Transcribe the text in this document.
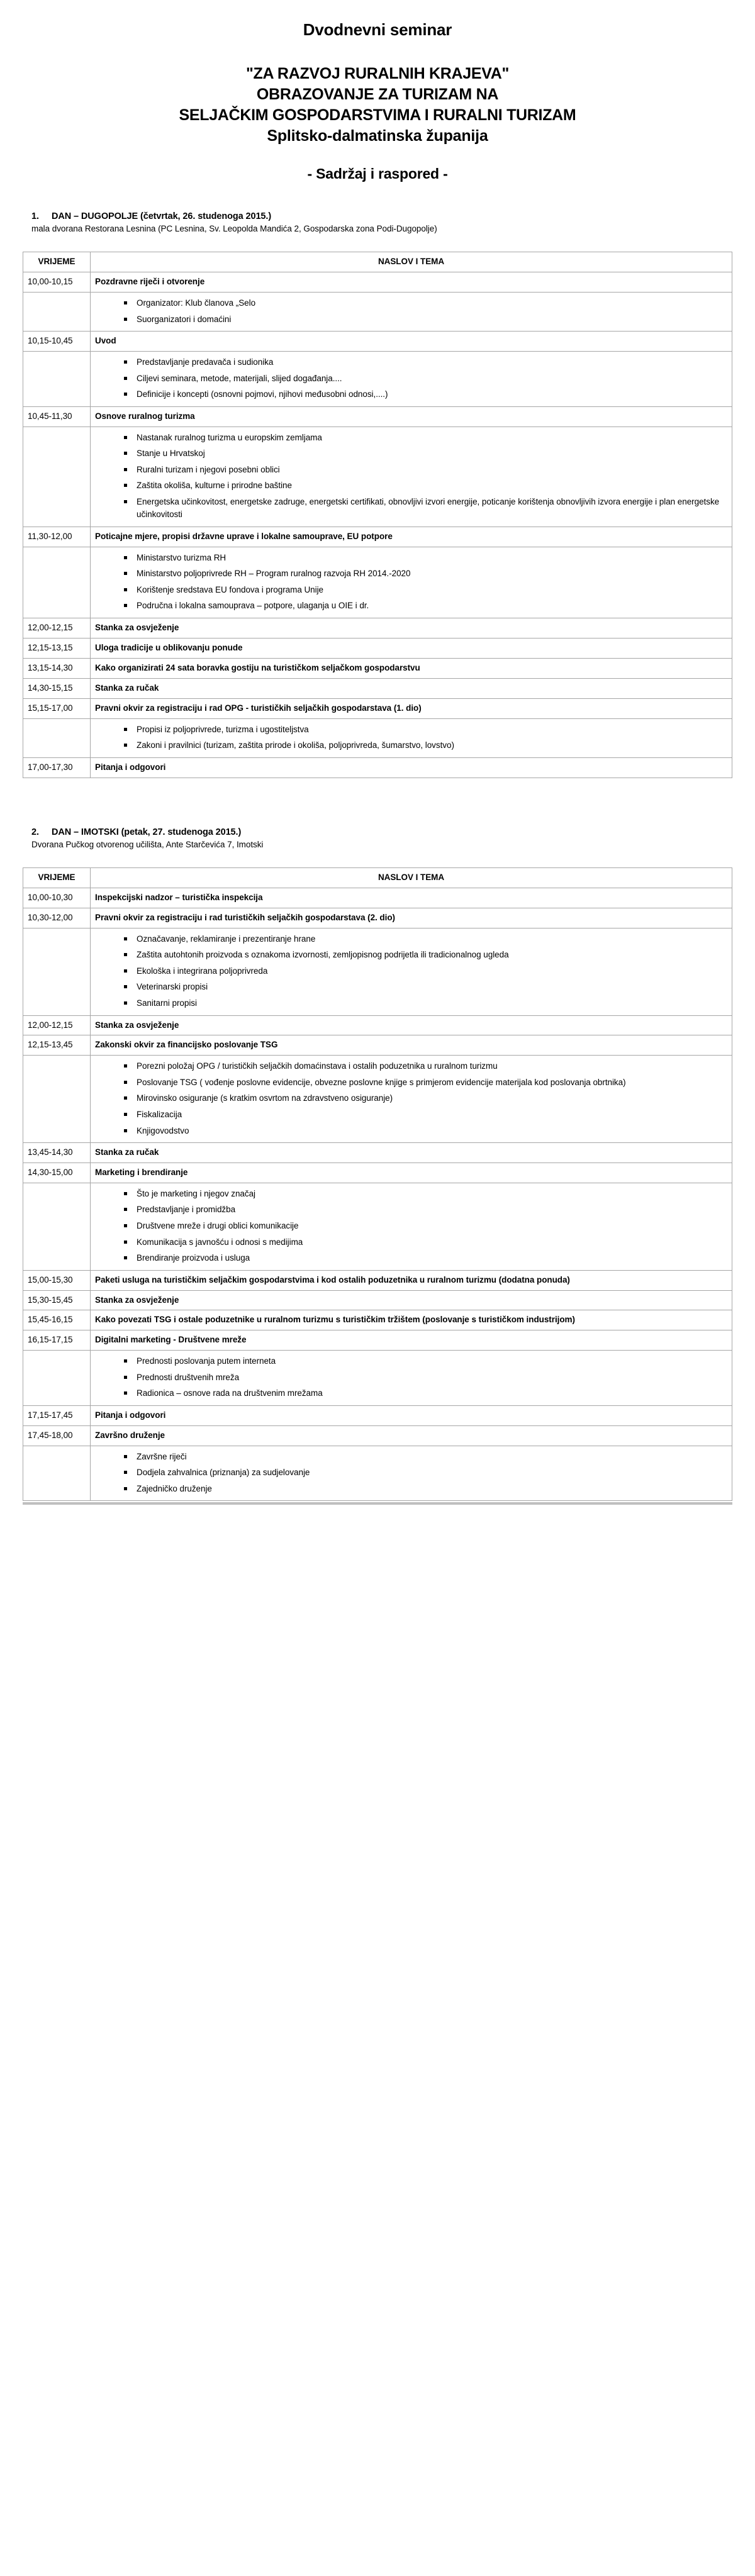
Dvodnevni seminar
"ZA RAZVOJ RURALNIH KRAJEVA"
OBRAZOVANJE ZA TURIZAM NA
SELJAČKIM GOSPODARSTVIMA I RURALNI TURIZAM
Splitsko-dalmatinska županija
- Sadržaj i raspored -
1.	DAN – DUGOPOLJE (četvrtak, 26. studenoga 2015.)
mala dvorana Restorana Lesnina (PC Lesnina, Sv. Leopolda Mandića 2, Gospodarska zona Podi-Dugopolje)
VRIJEME	NASLOV I TEMA
10,00-10,15	Pozdravne riječi i otvorenje

Organizator: Klub članova „Selo
Suorganizatori i domaćini

10,15-10,45	Uvod

Predstavljanje predavača i sudionika
Ciljevi seminara, metode, materijali, slijed događanja....
Definicije i koncepti (osnovni pojmovi, njihovi međusobni odnosi,....)

10,45-11,30	Osnove ruralnog turizma

Nastanak ruralnog turizma u europskim zemljama
Stanje u Hrvatskoj
Ruralni turizam i njegovi posebni oblici
Zaštita okoliša, kulturne i prirodne baštine
Energetska učinkovitost, energetske zadruge, energetski certifikati, obnovljivi izvori energije, poticanje korištenja obnovljivih izvora energije i plan energetske učinkovitosti

11,30-12,00	Poticajne mjere, propisi državne uprave i lokalne samouprave, EU potpore

Ministarstvo turizma RH
Ministarstvo poljoprivrede RH – Program ruralnog razvoja RH 2014.-2020
Korištenje sredstava EU fondova i programa Unije
Područna i lokalna samouprava – potpore, ulaganja u OIE i dr.

12,00-12,15	Stanka za osvježenje
12,15-13,15	Uloga tradicije u oblikovanju ponude
13,15-14,30	Kako organizirati 24 sata boravka gostiju na turističkom seljačkom gospodarstvu
14,30-15,15	Stanka za ručak
15,15-17,00	Pravni okvir za registraciju i rad OPG - turističkih seljačkih gospodarstava (1. dio)

Propisi iz poljoprivrede, turizma i ugostiteljstva
Zakoni i pravilnici (turizam, zaštita prirode i okoliša, poljoprivreda, šumarstvo, lovstvo)

17,00-17,30	Pitanja i odgovori
2.	DAN – IMOTSKI (petak, 27. studenoga 2015.)
Dvorana Pučkog otvorenog učilišta, Ante Starčevića 7, Imotski
VRIJEME	NASLOV I TEMA
10,00-10,30	Inspekcijski nadzor – turistička inspekcija
10,30-12,00	Pravni okvir za registraciju i rad turističkih seljačkih gospodarstava (2. dio)

Označavanje, reklamiranje i prezentiranje hrane
Zaštita autohtonih proizvoda s oznakoma izvornosti, zemljopisnog podrijetla ili tradicionalnog ugleda
Ekološka i integrirana poljoprivreda
Veterinarski propisi
Sanitarni propisi

12,00-12,15	Stanka za osvježenje
12,15-13,45	Zakonski okvir za financijsko poslovanje TSG

Porezni položaj OPG / turističkih seljačkih domaćinstava i ostalih poduzetnika u ruralnom turizmu
Poslovanje TSG ( vođenje poslovne evidencije, obvezne poslovne knjige s primjerom evidencije materijala kod poslovanja obrtnika)
Mirovinsko osiguranje (s kratkim osvrtom na zdravstveno osiguranje)
Fiskalizacija
Knjigovodstvo

13,45-14,30	Stanka za ručak
14,30-15,00	Marketing i brendiranje

Što je marketing i njegov značaj
Predstavljanje i promidžba
Društvene mreže i drugi oblici komunikacije
Komunikacija s javnošću i odnosi s medijima
Brendiranje proizvoda i usluga

15,00-15,30	Paketi usluga na turističkim seljačkim gospodarstvima i kod ostalih poduzetnika u ruralnom turizmu (dodatna ponuda)
15,30-15,45	Stanka za osvježenje
15,45-16,15	Kako povezati TSG i ostale poduzetnike u ruralnom turizmu s turističkim tržištem (poslovanje s turističkom industrijom)
16,15-17,15	Digitalni marketing - Društvene mreže

Prednosti poslovanja putem interneta
Prednosti društvenih mreža
Radionica – osnove rada na društvenim mrežama

17,15-17,45	Pitanja i odgovori
17,45-18,00	Završno druženje

Završne riječi
Dodjela zahvalnica (priznanja) za sudjelovanje
Zajedničko druženje
